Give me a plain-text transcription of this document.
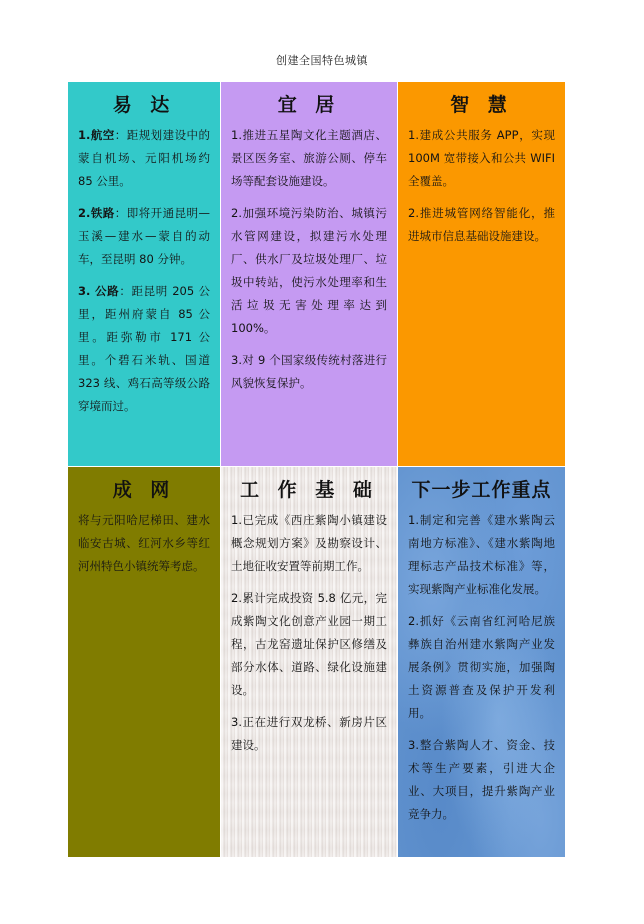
创建全国特色城镇
易 达

1.航空：距规划建设中的蒙自机场、元阳机场约 85 公里。

2.铁路：即将开通昆明—玉溪—建水—蒙自的动车，至昆明 80 分钟。

3. 公路：距昆明 205 公里，距州府蒙自 85 公里。距弥勒市 171 公里。个碧石米轨、国道 323 线、鸡石高等级公路穿境而过。

宜 居

1.推进五星陶文化主题酒店、景区医务室、旅游公厕、停车场等配套设施建设。

2.加强环境污染防治、城镇污水管网建设，拟建污水处理厂、供水厂及垃圾处理厂、垃圾中转站，使污水处理率和生活垃圾无害处理率达到 100%。

3.对 9 个国家级传统村落进行风貌恢复保护。

智 慧

1.建成公共服务 APP，实现 100M 宽带接入和公共 WIFI 全覆盖。

2.推进城管网络智能化，推进城市信息基础设施建设。

成 网

将与元阳哈尼梯田、建水临安古城、红河水乡等红河州特色小镇统筹考虑。

工 作 基 础

1.已完成《西庄紫陶小镇建设概念规划方案》及勘察设计、土地征收安置等前期工作。

2.累计完成投资 5.8 亿元，完成紫陶文化创意产业园一期工程，古龙窑遗址保护区修缮及部分水体、道路、绿化设施建设。

3.正在进行双龙桥、新房片区建设。

下一步工作重点

1.制定和完善《建水紫陶云南地方标准》、《建水紫陶地理标志产品技术标准》等，实现紫陶产业标准化发展。

2.抓好《云南省红河哈尼族彝族自治州建水紫陶产业发展条例》贯彻实施，加强陶土资源普查及保护开发利用。

3.整合紫陶人才、资金、技术等生产要素，引进大企业、大项目，提升紫陶产业竞争力。
